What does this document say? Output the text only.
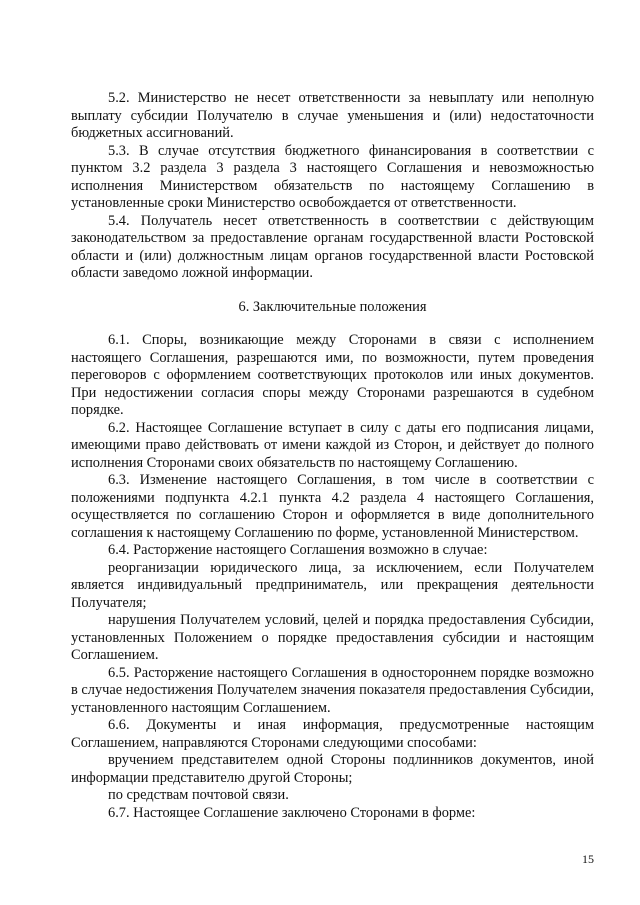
5.2. Министерство не несет ответственности за невыплату или неполную выплату субсидии Получателю в случае уменьшения и (или) недостаточности бюджетных ассигнований.

5.3. В случае отсутствия бюджетного финансирования в соответствии с пунктом 3.2 раздела 3 раздела 3 настоящего Соглашения и невозможностью исполнения Министерством обязательств по настоящему Соглашению в установленные сроки Министерство освобождается от ответственности.

5.4. Получатель несет ответственность в соответствии с действующим законодательством за предоставление органам государственной власти Ростовской области и (или) должностным лицам органов государственной власти Ростовской области заведомо ложной информации.

6. Заключительные положения

6.1. Споры, возникающие между Сторонами в связи с исполнением настоящего Соглашения, разрешаются ими, по возможности, путем проведения переговоров с оформлением соответствующих протоколов или иных документов. При недостижении согласия споры между Сторонами разрешаются в судебном порядке.

6.2. Настоящее Соглашение вступает в силу с даты его подписания лицами, имеющими право действовать от имени каждой из Сторон, и действует до полного исполнения Сторонами своих обязательств по настоящему Соглашению.

6.3. Изменение настоящего Соглашения, в том числе в соответствии с положениями подпункта 4.2.1 пункта 4.2 раздела 4 настоящего Соглашения, осуществляется по соглашению Сторон и оформляется в виде дополнительного соглашения к настоящему Соглашению по форме, установленной Министерством.

6.4. Расторжение настоящего Соглашения возможно в случае:

реорганизации юридического лица, за исключением, если Получателем является индивидуальный предприниматель, или прекращения деятельности Получателя;

нарушения Получателем условий, целей и порядка предоставления Субсидии, установленных Положением о порядке предоставления субсидии и настоящим Соглашением.

6.5. Расторжение настоящего Соглашения в одностороннем порядке возможно в случае недостижения Получателем значения показателя предоставления Субсидии, установленного настоящим Соглашением.

6.6. Документы и иная информация, предусмотренные настоящим Соглашением, направляются Сторонами следующими способами:

вручением представителем одной Стороны подлинников документов, иной информации представителю другой Стороны;

по средствам почтовой связи.

6.7. Настоящее Соглашение заключено Сторонами в форме:

15
